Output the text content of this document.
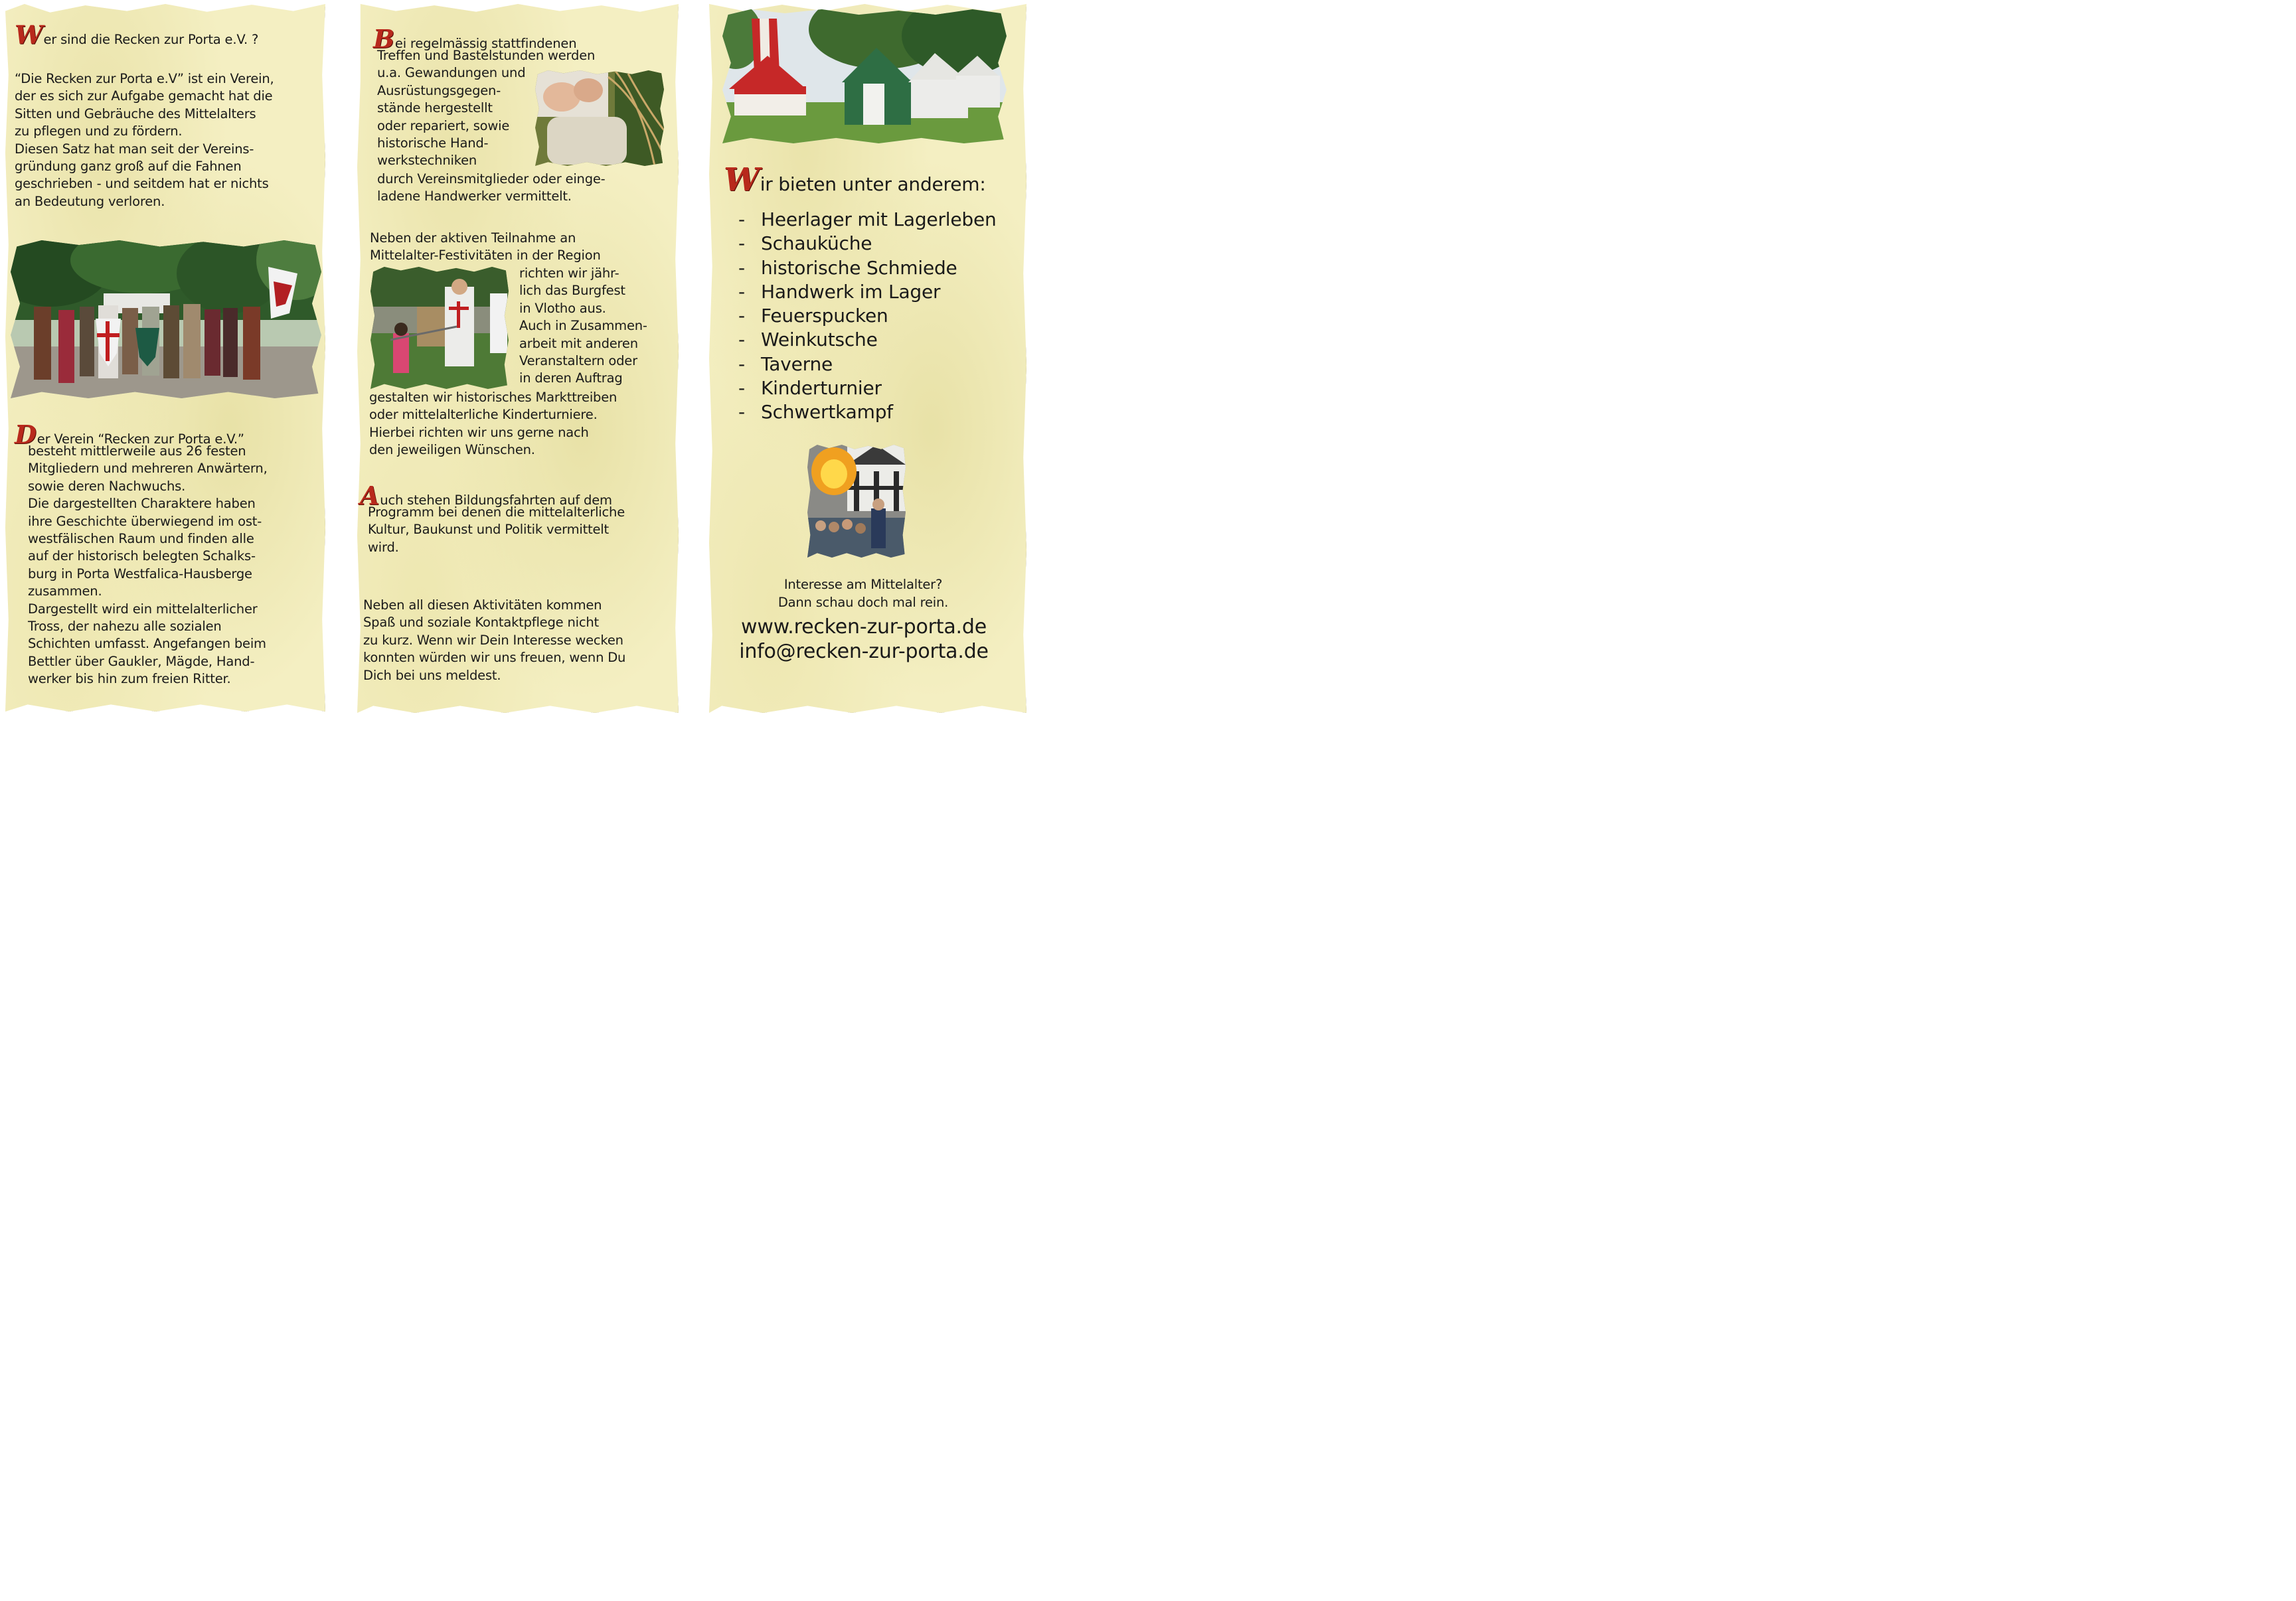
Wer sind die Recken zur Porta e.V. ?
“Die Recken zur Porta e.V” ist ein Verein,
der es sich zur Aufgabe gemacht hat die
Sitten und Gebräuche des Mittelalters
zu pflegen und zu fördern.
Diesen Satz hat man seit der Vereins-
gründung ganz groß auf die Fahnen
geschrieben - und seitdem hat er nichts
an Bedeutung verloren.
Der Verein “Recken zur Porta e.V.”
besteht mittlerweile aus 26 festen
Mitgliedern und mehreren Anwärtern,
sowie deren Nachwuchs.
Die dargestellten Charaktere haben
ihre Geschichte überwiegend im ost-
westfälischen Raum und finden alle
auf der historisch belegten Schalks-
burg in Porta Westfalica-Hausberge
zusammen.
Dargestellt wird ein mittelalterlicher
Tross, der nahezu alle sozialen
Schichten umfasst. Angefangen beim
Bettler über Gaukler, Mägde, Hand-
werker bis hin zum freien Ritter.
Bei regelmässig stattfindenen
Treffen und Bastelstunden werden
u.a. Gewandungen und
Ausrüstungsgegen-
stände hergestellt
oder repariert, sowie
historische Hand-
werkstechniken
durch Vereinsmitglieder oder einge-
ladene Handwerker vermittelt.
Neben der aktiven Teilnahme an
Mittelalter-Festivitäten in der Region
richten wir jähr-
lich das Burgfest
in Vlotho aus.
Auch in Zusammen-
arbeit mit anderen
Veranstaltern oder
in deren Auftrag
gestalten wir historisches Markttreiben
oder mittelalterliche Kinderturniere.
Hierbei richten wir uns gerne nach
den jeweiligen Wünschen.
Auch stehen Bildungsfahrten auf dem
Programm bei denen die mittelalterliche
Kultur, Baukunst und Politik vermittelt
wird.
Neben all diesen Aktivitäten kommen
Spaß und soziale Kontaktpflege nicht
zu kurz. Wenn wir Dein Interesse wecken
konnten würden wir uns freuen, wenn Du
Dich bei uns meldest.
Wir bieten unter anderem:
- Heerlager mit Lagerleben
- Schauküche
- historische Schmiede
- Handwerk im Lager
- Feuerspucken
- Weinkutsche
- Taverne
- Kinderturnier
- Schwertkampf
Interesse am Mittelalter?
Dann schau doch mal rein.
www.recken-zur-porta.de
info@recken-zur-porta.de
